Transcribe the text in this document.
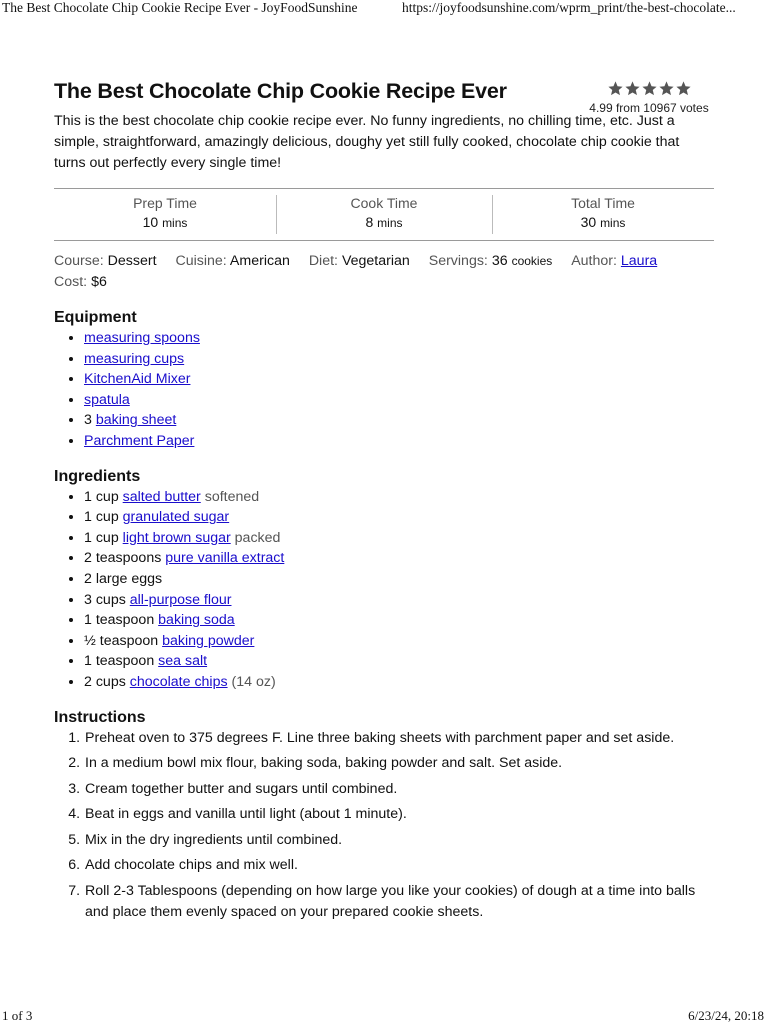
The Best Chocolate Chip Cookie Recipe Ever - JoyFoodSunshine	https://joyfoodsunshine.com/wprm_print/the-best-chocolate...
The Best Chocolate Chip Cookie Recipe Ever
4.99 from 10967 votes

This is the best chocolate chip cookie recipe ever. No funny ingredients, no chilling time, etc. Just a simple, straightforward, amazingly delicious, doughy yet still fully cooked, chocolate chip cookie that turns out perfectly every single time!

Prep Time
10 mins
Cook Time
8 mins
Total Time
30 mins
Course: Dessert Cuisine: American Diet: Vegetarian Servings: 36 cookies Author: Laura
Cost: $6
Equipment
• measuring spoons
• measuring cups
• KitchenAid Mixer
• spatula
• 3 baking sheet
• Parchment Paper
Ingredients
• 1 cup salted butter softened
• 1 cup granulated sugar
• 1 cup light brown sugar packed
• 2 teaspoons pure vanilla extract
• 2 large eggs
• 3 cups all-purpose flour
• 1 teaspoon baking soda
• ½ teaspoon baking powder
• 1 teaspoon sea salt
• 2 cups chocolate chips (14 oz)
Instructions
1. Preheat oven to 375 degrees F. Line three baking sheets with parchment paper and set aside.
2. In a medium bowl mix flour, baking soda, baking powder and salt. Set aside.
3. Cream together butter and sugars until combined.
4. Beat in eggs and vanilla until light (about 1 minute).
5. Mix in the dry ingredients until combined.
6. Add chocolate chips and mix well.
7. Roll 2-3 Tablespoons (depending on how large you like your cookies) of dough at a time into balls and place them evenly spaced on your prepared cookie sheets.
1 of 3	6/23/24, 20:18
